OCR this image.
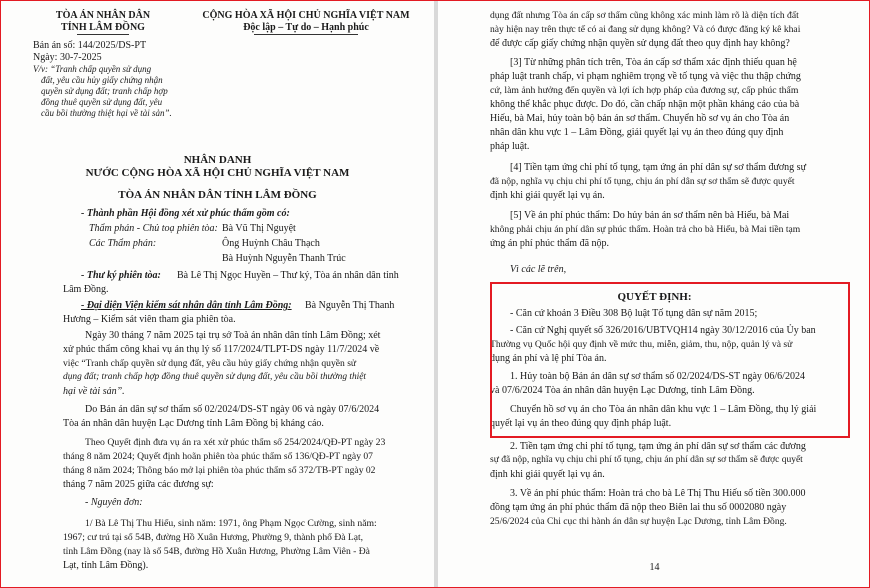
TÒA ÁN NHÂN DÂN
TỈNH LÂM ĐỒNG
Bản án số: 144/2025/DS-PT
Ngày: 30-7-2025
V/v: “Tranh chấp quyền sử dụng
đất, yêu cầu hủy giấy chứng nhận
quyền sử dụng đất; tranh chấp hợp
đồng thuê quyền sử dụng đất, yêu
cầu bồi thường thiệt hại về tài sản”.
CỘNG HÒA XÃ HỘI CHỦ NGHĨA VIỆT NAM
Độc lập – Tự do – Hạnh phúc
NHÂN DANH
NƯỚC CỘNG HÒA XÃ HỘI CHỦ NGHĨA VIỆT NAM
TÒA ÁN NHÂN DÂN TỈNH LÂM ĐỒNG
- Thành phần Hội đồng xét xử phúc thẩm gồm có:
Thẩm phán - Chủ toạ phiên tòa: Bà Vũ Thị Nguyệt
Các Thẩm phán:	Ông Huỳnh Châu Thạch
Bà Huỳnh Nguyễn Thanh Trúc
- Thư ký phiên tòa: Bà Lê Thị Ngọc Huyền – Thư ký, Tòa án nhân dân tỉnh
Lâm Đồng.
- Đại diện Viện kiểm sát nhân dân tỉnh Lâm Đồng: Bà Nguyễn Thị Thanh
Hương – Kiểm sát viên tham gia phiên tòa.
Ngày 30 tháng 7 năm 2025 tại trụ sở Toà án nhân dân tỉnh Lâm Đồng; xét
xử phúc thẩm công khai vụ án thụ lý số 117/2024/TLPT-DS ngày 11/7/2024 về
việc “Tranh chấp quyền sử dụng đất, yêu cầu hủy giấy chứng nhận quyền sử
dụng đất; tranh chấp hợp đồng thuê quyền sử dụng đất, yêu cầu bồi thường thiệt
hại về tài sản”.
Do Bản án dân sự sơ thẩm số 02/2024/DS-ST ngày 06 và ngày 07/6/2024
Tòa án nhân dân huyện Lạc Dương tỉnh Lâm Đồng bị kháng cáo.
Theo Quyết định đưa vụ án ra xét xử phúc thẩm số 254/2024/QĐ-PT ngày 23
tháng 8 năm 2024; Quyết định hoãn phiên tòa phúc thẩm số 136/QĐ-PT ngày 07
tháng 8 năm 2024; Thông báo mở lại phiên tòa phúc thẩm số 372/TB-PT ngày 02
tháng 7 năm 2025 giữa các đương sự:
- Nguyên đơn:
1/ Bà Lê Thị Thu Hiếu, sinh năm: 1971, ông Phạm Ngọc Cường, sinh năm:
1967; cư trú tại số 54B, đường Hồ Xuân Hương, Phường 9, thành phố Đà Lạt,
tỉnh Lâm Đồng (nay là số 54B, đường Hồ Xuân Hương, Phường Lâm Viên - Đà
Lạt, tỉnh Lâm Đồng).
dụng đất nhưng Tòa án cấp sơ thẩm cũng không xác minh làm rõ là diện tích đất
này hiện nay trên thực tế có ai đang sử dụng không? Và có được đăng ký kê khai
để được cấp giấy chứng nhận quyền sử dụng đất theo quy định hay không?
[3] Từ những phân tích trên, Tòa án cấp sơ thẩm xác định thiếu quan hệ
pháp luật tranh chấp, vi phạm nghiêm trọng về tố tụng và việc thu thập chứng
cứ, làm ảnh hưởng đến quyền và lợi ích hợp pháp của đương sự, cấp phúc thẩm
không thể khắc phục được. Do đó, cần chấp nhận một phần kháng cáo của bà
Hiếu, bà Mai, hủy toàn bộ bản án sơ thẩm. Chuyển hồ sơ vụ án cho Tòa án
nhân dân khu vực 1 – Lâm Đồng, giải quyết lại vụ án theo đúng quy định
pháp luật.
[4] Tiền tạm ứng chi phí tố tụng, tạm ứng án phí dân sự sơ thẩm đương sự
đã nộp, nghĩa vụ chịu chi phí tố tụng, chịu án phí dân sự sơ thẩm sẽ được quyết
định khi giải quyết lại vụ án.
[5] Về án phí phúc thẩm: Do hủy bản án sơ thẩm nên bà Hiếu, bà Mai
không phải chịu án phí dân sự phúc thẩm. Hoàn trả cho bà Hiếu, bà Mai tiền tạm
ứng án phí phúc thẩm đã nộp.
Vì các lẽ trên,
QUYẾT ĐỊNH:
- Căn cứ khoản 3 Điều 308 Bộ luật Tố tụng dân sự năm 2015;
- Căn cứ Nghị quyết số 326/2016/UBTVQH14 ngày 30/12/2016 của Ủy ban
Thường vụ Quốc hội quy định về mức thu, miễn, giảm, thu, nộp, quản lý và sử
dụng án phí và lệ phí Tòa án.
1. Hủy toàn bộ Bản án dân sự sơ thẩm số 02/2024/DS-ST ngày 06/6/2024
và 07/6/2024 Tòa án nhân dân huyện Lạc Dương, tỉnh Lâm Đồng.
Chuyển hồ sơ vụ án cho Tòa án nhân dân khu vực 1 – Lâm Đồng, thụ lý giải
quyết lại vụ án theo đúng quy định pháp luật.
2. Tiền tạm ứng chi phí tố tụng, tạm ứng án phí dân sự sơ thẩm các đương
sự đã nộp, nghĩa vụ chịu chi phí tố tụng, chịu án phí dân sự sơ thẩm sẽ được quyết
định khi giải quyết lại vụ án.
3. Về án phí phúc thẩm: Hoàn trả cho bà Lê Thị Thu Hiếu số tiền 300.000
đồng tạm ứng án phí phúc thẩm đã nộp theo Biên lai thu số 0002080 ngày
25/6/2024 của Chi cục thi hành án dân sự huyện Lạc Dương, tỉnh Lâm Đồng.
14
